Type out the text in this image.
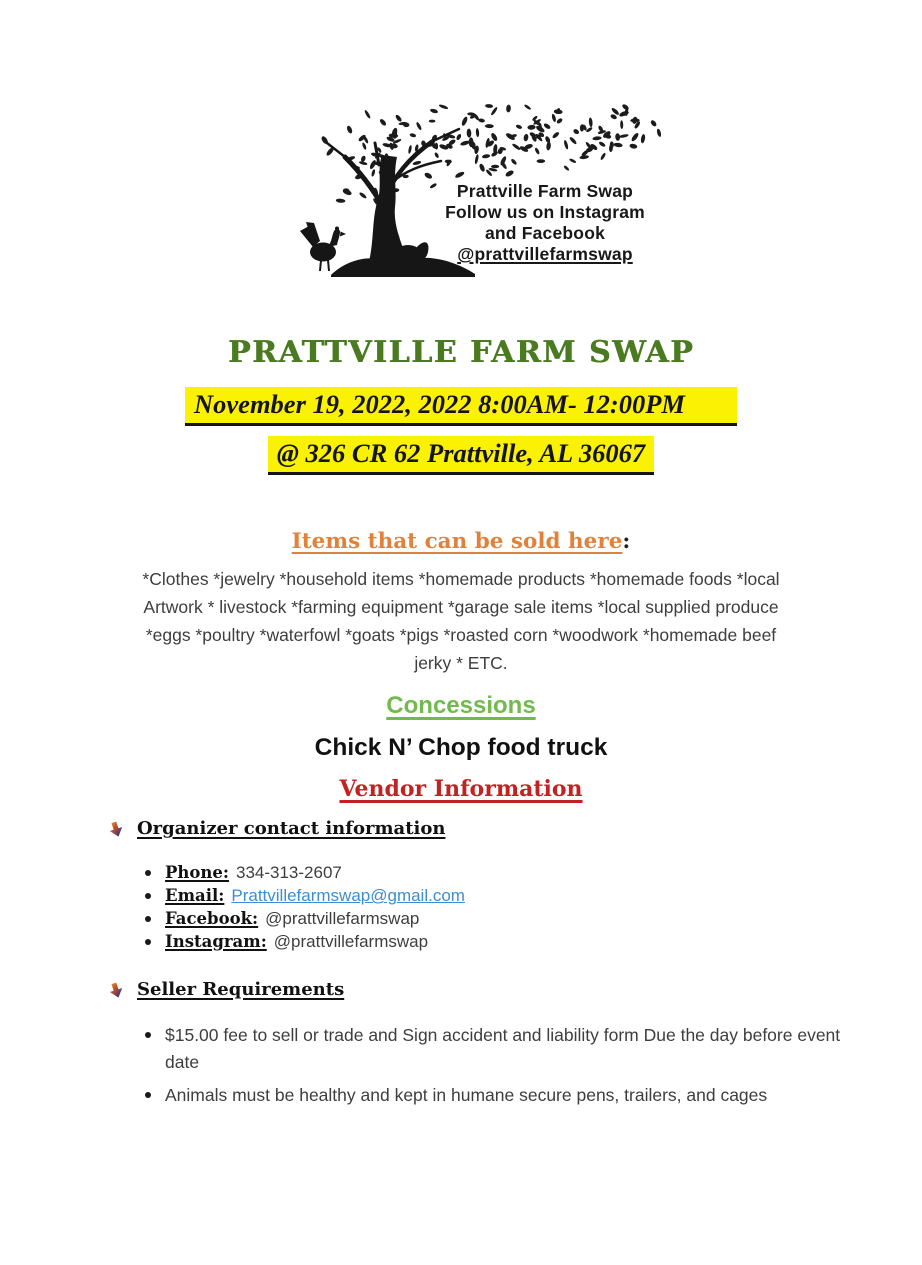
Prattville Farm Swap
Follow us on Instagram
and Facebook
@prattvillefarmswap
PRATTVILLE FARM SWAP
November 19, 2022, 2022 8:00AM- 12:00PM
@ 326 CR 62 Prattville, AL 36067
Items that can be sold here:
*Clothes *jewelry *household items *homemade products *homemade foods *local Artwork * livestock *farming equipment *garage sale items *local supplied produce *eggs *poultry *waterfowl *goats *pigs *roasted corn *woodwork *homemade beef jerky * ETC.
Concessions
Chick N’ Chop food truck
Vendor Information
Organizer contact information
Phone: 334-313-2607
Email: Prattvillefarmswap@gmail.com
Facebook: @prattvillefarmswap
Instagram: @prattvillefarmswap
Seller Requirements
$15.00 fee to sell or trade and Sign accident and liability form Due the day before event date
Animals must be healthy and kept in humane secure pens, trailers, and cages
